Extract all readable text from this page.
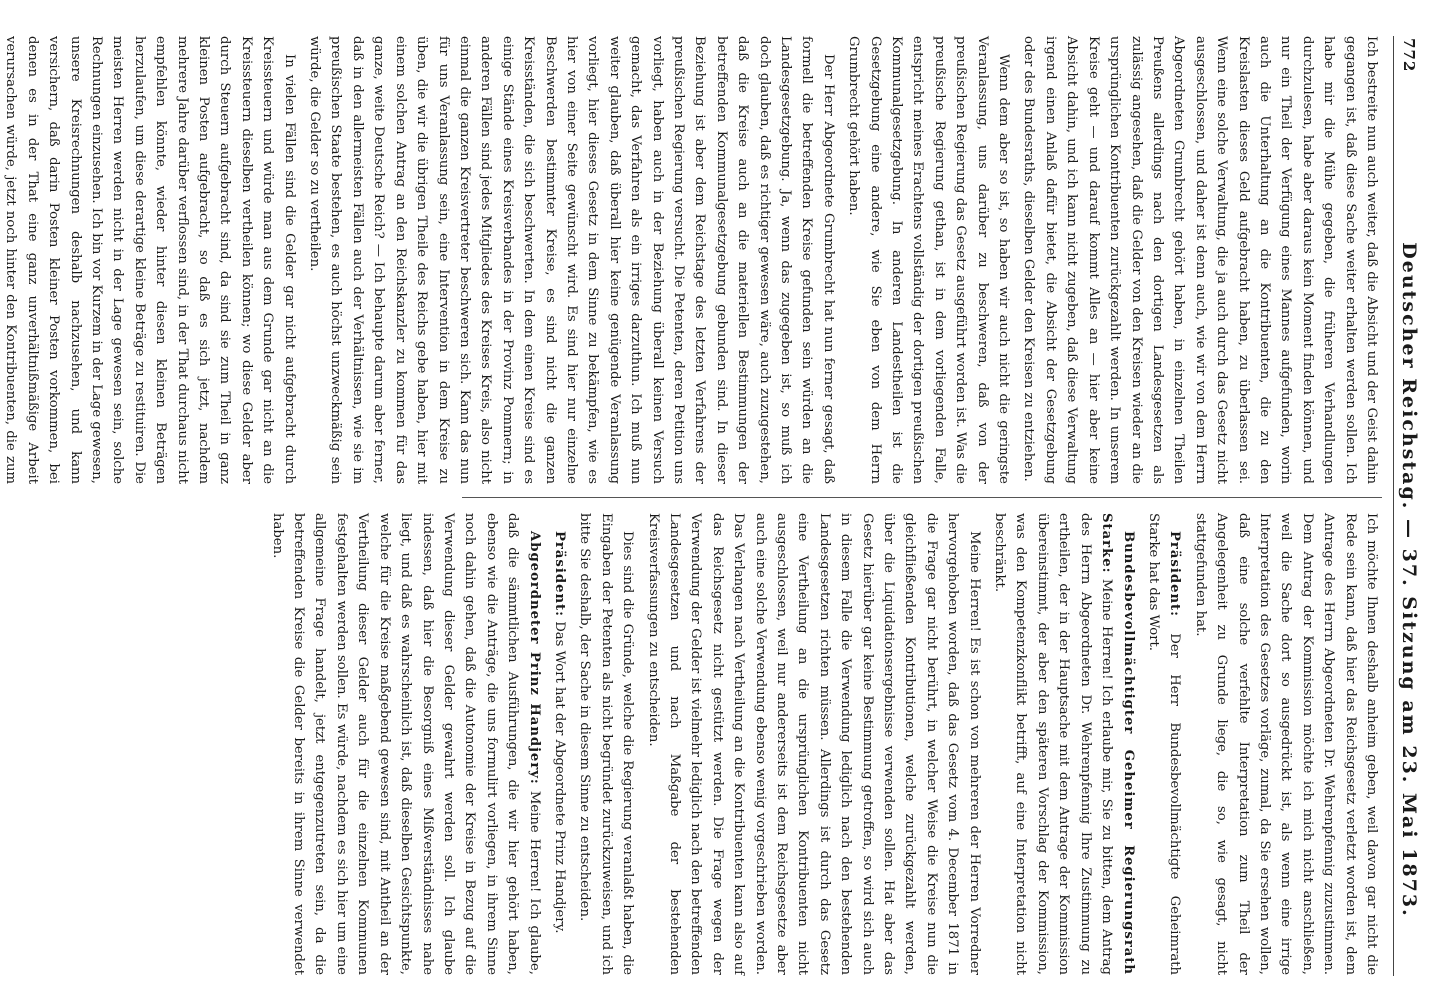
772
Deutscher Reichstag. — 37. Sitzung am 23. Mai 1873.

Ich bestreite nun auch weiter, daß die Absicht und der Geist dahin gegangen ist, daß diese Sache weiter erhalten werden sollen. Ich habe mir die Mühe gegeben, die früheren Verhandlungen durchzulesen, habe aber daraus kein Moment finden können, und nur ein Theil der Verfügung eines Mannes aufgefunden, worin auch die Unterhaltung an die Kontribuenten, die zu den Kreislasten dieses Geld aufgebracht haben, zu überlassen sei. Wenn eine solche Verwaltung, die ja auch durch das Gesetz nicht ausgeschlossen, und daher ist denn auch, wie wir von dem Herrn Abgeordneten Grumbrecht gehört haben, in einzelnen Theilen Preußens allerdings nach den dortigen Landesgesetzen als zulässig angesehen, daß die Gelder von den Kreisen wieder an die ursprünglichen Kontribuenten zurückgezahlt werden. In unserem Kreise geht — und darauf kommt Alles an — hier aber keine Absicht dahin, und ich kann nicht zugeben, daß diese Verwaltung irgend einen Anlaß dafür bietet, die Absicht der Gesetzgebung oder des Bundesraths, dieselben Gelder den Kreisen zu entziehen.

Wenn dem aber so ist, so haben wir auch nicht die geringste Veranlassung, uns darüber zu beschweren, daß von der preußischen Regierung das Gesetz ausgeführt worden ist. Was die preußische Regierung gethan, ist in dem vorliegenden Falle, entspricht meines Erachtens vollständig der dortigen preußischen Kommunalgesetzgebung. In anderen Landestheilen ist die Gesetzgebung eine andere, wie Sie eben von dem Herrn Grumbrecht gehört haben.

Der Herr Abgeordnete Grumbrecht hat nun ferner gesagt, daß formell die betreffenden Kreise gefunden sein würden an die Landesgesetzgebung. Ja, wenn das zugegeben ist, so muß ich doch glauben, daß es richtiger gewesen wäre, auch zuzugestehen, daß die Kreise auch an die materiellen Bestimmungen der betreffenden Kommunalgesetzgebung gebunden sind. In dieser Beziehung ist aber dem Reichstage des letzten Verfahrens der preußischen Regierung versucht. Die Petenten, deren Petition uns vorliegt, haben auch in der Beziehung überall keinen Versuch gemacht, das Verfahren als ein irriges darzuthun. Ich muß nun weiter glauben, daß überall hier keine genügende Veranlassung vorliegt, hier dieses Gesetz in dem Sinne zu bekämpfen, wie es hier von einer Seite gewünscht wird. Es sind hier nur einzelne Beschwerden bestimmter Kreise, es sind nicht die ganzen Kreisständen, die sich beschwerten. In dem einen Kreise sind es einige Stände eines Kreisverbandes in der Provinz Pommern; in anderen Fällen sind jedes Mitgliedes des Kreises Kreis, also nicht einmal die ganzen Kreisvertreter beschweren sich. Kann das nun für uns Veranlassung sein, eine Intervention in dem Kreise zu üben, die wir die übrigen Theile des Reichs gebe haben, hier mit einem solchen Antrag an den Reichskanzler zu kommen für das ganze, weite Deutsche Reich? — Ich behaupte darum aber ferner, daß in den allermeisten Fällen auch der Verhältnissen, wie sie im preußischen Staate bestehen, es auch höchst unzweckmäßig sein würde, die Gelder so zu vertheilen.

In vielen Fällen sind die Gelder gar nicht aufgebracht durch Kreissteuern und würde man aus dem Grunde gar nicht an die Kreissteuern dieselben vertheilen können; wo diese Gelder aber durch Steuern aufgebracht sind, da sind sie zum Theil in ganz kleinen Posten aufgebracht, so daß es sich jetzt, nachdem mehrere Jahre darüber verflossen sind, in der That durchaus nicht empfehlen könnte, wieder hinter diesen kleinen Beträgen herzulaufen, um diese derartige kleine Beträge zu restituiren. Die meisten Herren werden nicht in der Lage gewesen sein, solche Rechnungen einzusehen. Ich bin vor Kurzem in der Lage gewesen, unsere Kreisrechnungen deshalb nachzusehen, und kann versichern, daß darin Posten kleiner Posten vorkommen, bei denen es in der That eine ganz unverhältnißmäßige Arbeit verursachen würde, jetzt noch hinter den Kontribuenten, die zum

Ich möchte Ihnen deshalb anheim geben, weil davon gar nicht die Rede sein kann, daß hier das Reichsgesetz verletzt worden ist, dem Antrage des Herrn Abgeordneten Dr. Wehrenpfennig zuzustimmen. Dem Antrag der Kommission möchte ich mich nicht anschließen, weil die Sache dort so ausgedrückt ist, als wenn eine irrige Interpretation des Gesetzes vorläge, zumal, da Sie ersehen wollen, daß eine solche verfehlte Interpretation zum Theil der Angelegenheit zu Grunde liege, die so, wie gesagt, nicht stattgefunden hat.

Präsident: Der Herr Bundesbevollmächtigte Geheimrath Starke hat das Wort.

Bundesbevollmächtigter Geheimer Regierungsrath Starke: Meine Herren! Ich erlaube mir, Sie zu bitten, dem Antrag des Herrn Abgeordneten Dr. Wehrenpfennig Ihre Zustimmung zu ertheilen, der in der Hauptsache mit dem Antrage der Kommission übereinstimmt, der aber den späteren Vorschlag der Kommission, was den Kompetenzkonflikt betrifft, auf eine Interpretation nicht beschränkt.

Meine Herren! Es ist schon von mehreren der Herren Vorredner hervorgehoben worden, daß das Gesetz vom 4. December 1871 in die Frage gar nicht berührt, in welcher Weise die Kreise nun die gleichfließenden Kontributionen, welche zurückgezahlt werden, über die Liquidationsergebnisse verwenden sollen. Hat aber das Gesetz hierüber gar keine Bestimmung getroffen, so wird sich auch in diesem Falle die Verwendung lediglich nach den bestehenden Landesgesetzen richten müssen. Allerdings ist durch das Gesetz eine Vertheilung an die ursprünglichen Kontribuenten nicht ausgeschlossen, weil nur andererseits ist dem Reichsgesetze aber auch eine solche Verwendung ebenso wenig vorgeschrieben worden. Das Verlangen nach Vertheilung an die Kontribuenten kann also auf das Reichsgesetz nicht gestützt werden. Die Frage wegen der Verwendung der Gelder ist vielmehr lediglich nach den betreffenden Landesgesetzen und nach Maßgabe der bestehenden Kreisverfassungen zu entscheiden.

Dies sind die Gründe, welche die Regierung veranlaßt haben, die Eingaben der Petenten als nicht begründet zurückzuweisen, und ich bitte Sie deshalb, der Sache in diesem Sinne zu entscheiden.

Präsident: Das Wort hat der Abgeordnete Prinz Handjery.

Abgeordneter Prinz Handjery: Meine Herren! Ich glaube, daß die sämmtlichen Ausführungen, die wir hier gehört haben, ebenso wie die Anträge, die uns formulirt vorliegen, in ihrem Sinne noch dahin gehen, daß die Autonomie der Kreise in Bezug auf die Verwendung dieser Gelder gewahrt werden soll. Ich glaube indessen, daß hier die Besorgniß eines Mißverständnisses nahe liegt, und daß es wahrscheinlich ist, daß dieselben Gesichtspunkte, welche für die Kreise maßgebend gewesen sind, mit Antheil an der Vertheilung dieser Gelder auch für die einzelnen Kommunen festgehalten werden sollen. Es würde, nachdem es sich hier um eine allgemeine Frage handelt, jetzt entgegenzutreten sein, da die betreffenden Kreise die Gelder bereits in ihrem Sinne verwendet haben.
